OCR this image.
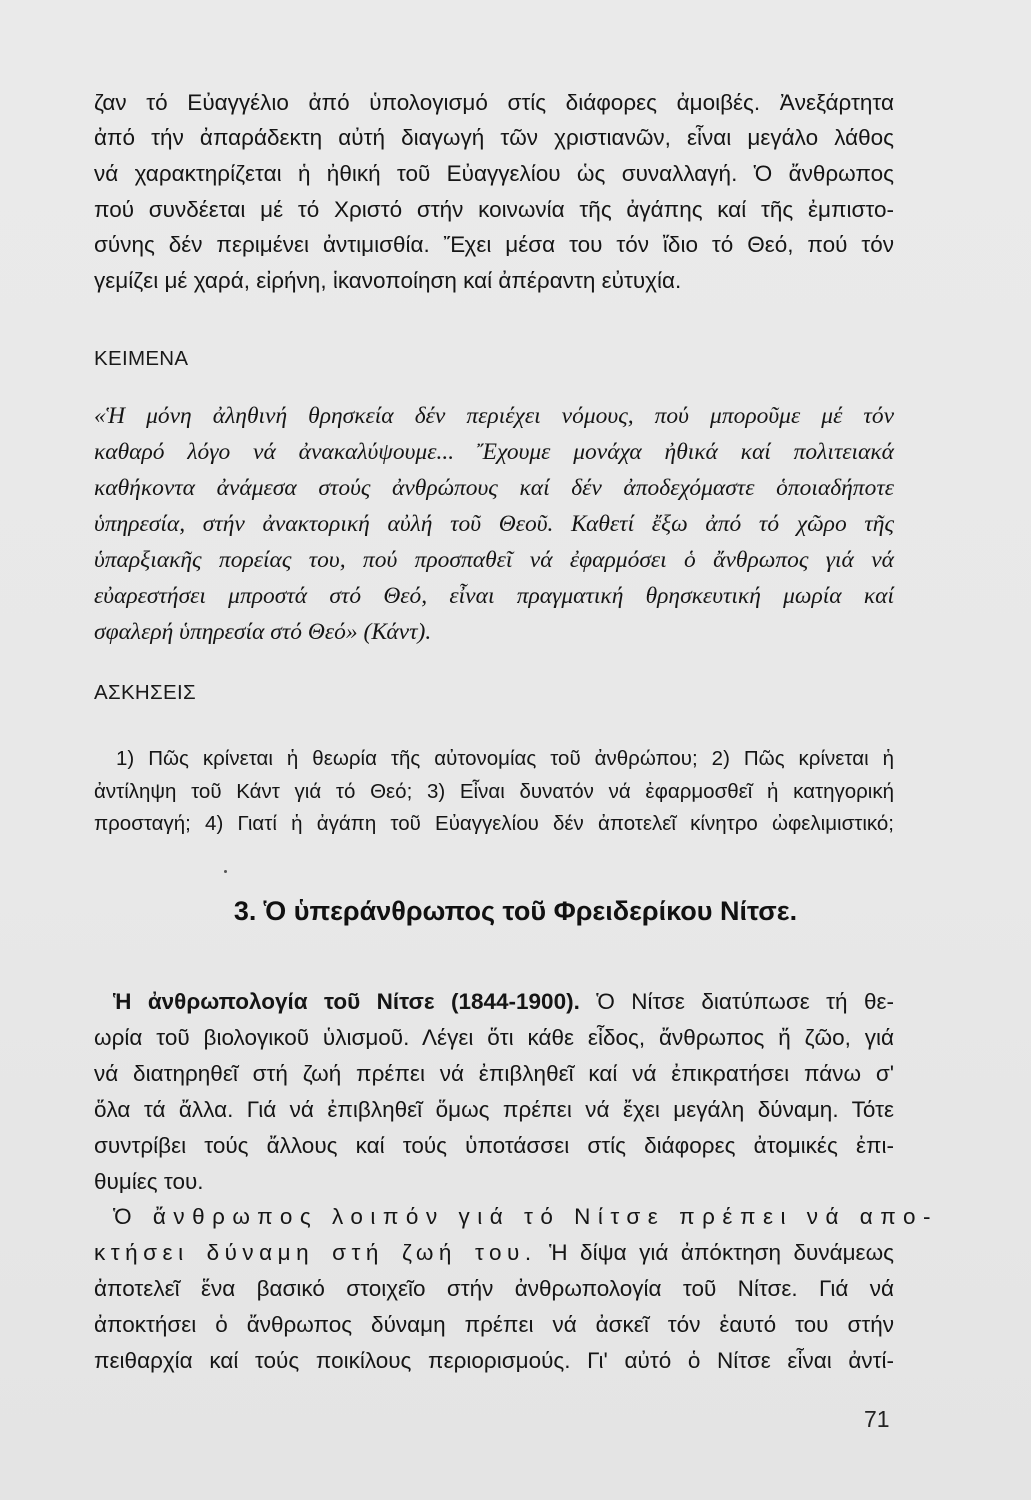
ζαν τό Εὐαγγέλιο ἀπό ὑπολογισμό στίς διάφορες ἀμοιβές. Ἀνεξάρτητα
ἀπό τήν ἀπαράδεκτη αὐτή διαγωγή τῶν χριστιανῶν, εἶναι μεγάλο λάθος
νά χαρακτηρίζεται ἡ ἠθική τοῦ Εὐαγγελίου ὡς συναλλαγή. Ὁ ἄνθρωπος
πού συνδέεται μέ τό Χριστό στήν κοινωνία τῆς ἀγάπης καί τῆς ἐμπιστο-
σύνης δέν περιμένει ἀντιμισθία. Ἔχει μέσα του τόν ἴδιο τό Θεό, πού τόν
γεμίζει μέ χαρά, εἰρήνη, ἱκανοποίηση καί ἀπέραντη εὐτυχία.
ΚΕΙΜΕΝΑ
«Ἡ μόνη ἀληθινή θρησκεία δέν περιέχει νόμους, πού μποροῦμε μέ τόν
καθαρό λόγο νά ἀνακαλύψουμε... Ἔχουμε μονάχα ἠθικά καί πολιτειακά
καθήκοντα ἀνάμεσα στούς ἀνθρώπους καί δέν ἀποδεχόμαστε ὁποιαδήποτε
ὑπηρεσία, στήν ἀνακτορική αὐλή τοῦ Θεοῦ. Καθετί ἔξω ἀπό τό χῶρο τῆς
ὑπαρξιακῆς πορείας του, πού προσπαθεῖ νά ἐφαρμόσει ὁ ἄνθρωπος γιά νά
εὐαρεστήσει μπροστά στό Θεό, εἶναι πραγματική θρησκευτική μωρία καί
σφαλερή ὑπηρεσία στό Θεό» (Κάντ).
ΑΣΚΗΣΕΙΣ
1) Πῶς κρίνεται ἡ θεωρία τῆς αὐτονομίας τοῦ ἀνθρώπου; 2) Πῶς κρίνεται ἡ
ἀντίληψη τοῦ Κάντ γιά τό Θεό; 3) Εἶναι δυνατόν νά ἐφαρμοσθεῖ ἡ κατηγορική
προσταγή; 4) Γιατί ἡ ἀγάπη τοῦ Εὐαγγελίου δέν ἀποτελεῖ κίνητρο ὠφελιμιστικό;
3. Ὁ ὑπεράνθρωπος τοῦ Φρειδερίκου Νίτσε.
Ἡ ἀνθρωπολογία τοῦ Νίτσε (1844-1900). Ὁ Νίτσε διατύπωσε τή θε-
ωρία τοῦ βιολογικοῦ ὑλισμοῦ. Λέγει ὅτι κάθε εἶδος, ἄνθρωπος ἤ ζῶο, γιά
νά διατηρηθεῖ στή ζωή πρέπει νά ἐπιβληθεῖ καί νά ἐπικρατήσει πάνω σ'
ὅλα τά ἄλλα. Γιά νά ἐπιβληθεῖ ὅμως πρέπει νά ἔχει μεγάλη δύναμη. Τότε
συντρίβει τούς ἄλλους καί τούς ὑποτάσσει στίς διάφορες ἀτομικές ἐπι-
θυμίες του.
Ὁ ἄνθρωπος λοιπόν γιά τό Νίτσε πρέπει νά απο-
κτήσει δύναμη στή ζωή του. Ἡ δίψα γιά ἀπόκτηση δυνάμεως
ἀποτελεῖ ἕνα βασικό στοιχεῖο στήν ἀνθρωπολογία τοῦ Νίτσε. Γιά νά
ἀποκτήσει ὁ ἄνθρωπος δύναμη πρέπει νά ἀσκεῖ τόν ἑαυτό του στήν
πειθαρχία καί τούς ποικίλους περιορισμούς. Γι' αὐτό ὁ Νίτσε εἶναι ἀντί-
71
